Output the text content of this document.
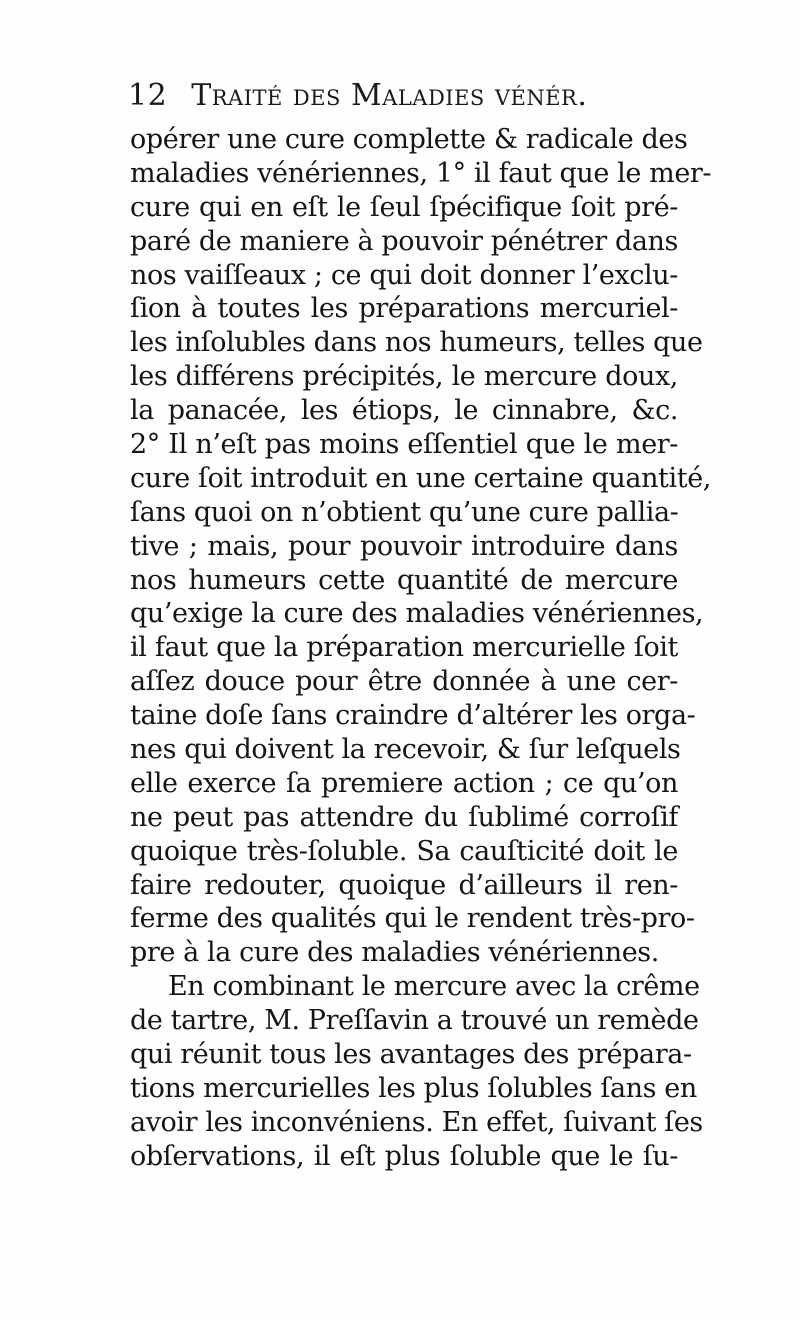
12 Traité des Maladies vénér.
opérer une cure complette & radicale des
maladies vénériennes, 1° il faut que le mer-
cure qui en eſt le ſeul ſpécifique ſoit pré-
paré de maniere à pouvoir pénétrer dans
nos vaiſſeaux ; ce qui doit donner l’exclu-
ſion à toutes les préparations mercuriel-
les inſolubles dans nos humeurs, telles que
les différens précipités, le mercure doux,
la panacée, les étiops, le cinnabre, &c.
2° Il n’eſt pas moins eſſentiel que le mer-
cure ſoit introduit en une certaine quantité,
ſans quoi on n’obtient qu’une cure pallia-
tive ; mais, pour pouvoir introduire dans
nos humeurs cette quantité de mercure
qu’exige la cure des maladies vénériennes,
il faut que la préparation mercurielle ſoit
aſſez douce pour être donnée à une cer-
taine doſe ſans craindre d’altérer les orga-
nes qui doivent la recevoir, & ſur leſquels
elle exerce ſa premiere action ; ce qu’on
ne peut pas attendre du ſublimé corroſif
quoique très-ſoluble. Sa cauſticité doit le
faire redouter, quoique d’ailleurs il ren-
ferme des qualités qui le rendent très-pro-
pre à la cure des maladies vénériennes.
En combinant le mercure avec la crême
de tartre, M. Preſſavin a trouvé un remède
qui réunit tous les avantages des prépara-
tions mercurielles les plus ſolubles ſans en
avoir les inconvéniens. En effet, ſuivant ſes
obſervations, il eſt plus ſoluble que le ſu-
